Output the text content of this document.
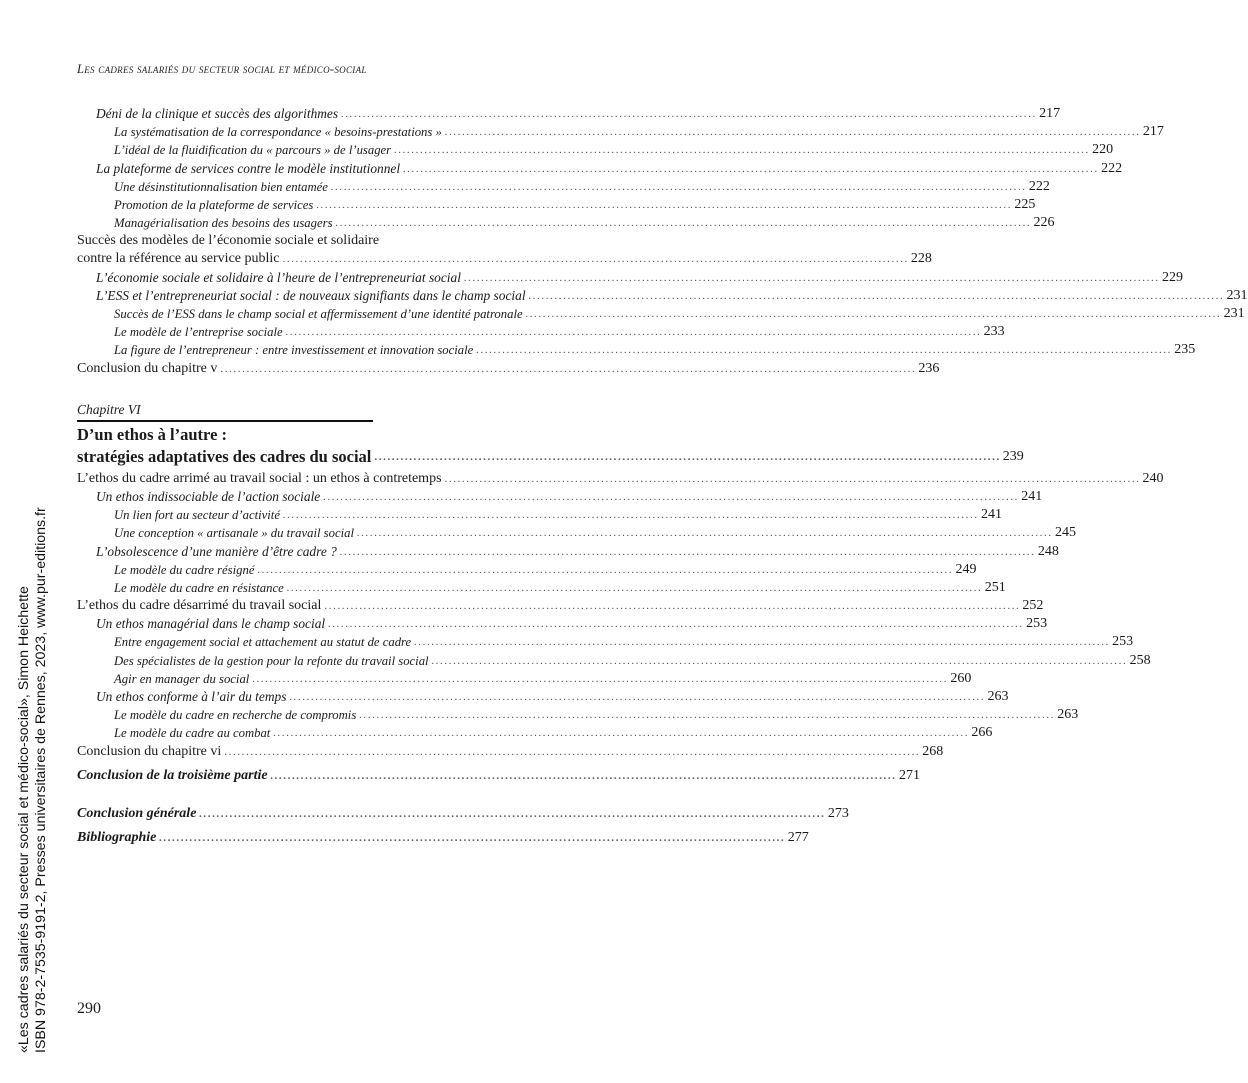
Les cadres salariés du secteur social et médico-social
Déni de la clinique et succès des algorithmes ................................................................................................................................................................ 217
La systématisation de la correspondance « besoins-prestations » ................................................................................................................................................................ 217
L’idéal de la fluidification du « parcours » de l’usager ................................................................................................................................................................ 220
La plateforme de services contre le modèle institutionnel ................................................................................................................................................................ 222
Une désinstitutionnalisation bien entamée ................................................................................................................................................................ 222
Promotion de la plateforme de services ................................................................................................................................................................ 225
Managérialisation des besoins des usagers ................................................................................................................................................................ 226
Succès des modèles de l’économie sociale et solidaire
contre la référence au service public ................................................................................................................................................ 228
L’économie sociale et solidaire à l’heure de l’entrepreneuriat social ................................................................................................................................................................ 229
L’ESS et l’entrepreneuriat social : de nouveaux signifiants dans le champ social ................................................................................................................................................................ 231
Succès de l’ESS dans le champ social et affermissement d’une identité patronale ................................................................................................................................................................ 231
Le modèle de l’entreprise sociale ................................................................................................................................................................ 233
La figure de l’entrepreneur : entre investissement et innovation sociale ................................................................................................................................................................ 235
Conclusion du chapitre v ................................................................................................................................................................ 236
Chapitre VI
D’un ethos à l’autre :
stratégies adaptatives des cadres du social ................................................................................................................................................ 239
L’ethos du cadre arrimé au travail social : un ethos à contretemps ................................................................................................................................................................ 240
Un ethos indissociable de l’action sociale ................................................................................................................................................................ 241
Un lien fort au secteur d’activité ................................................................................................................................................................ 241
Une conception « artisanale » du travail social ................................................................................................................................................................ 245
L’obsolescence d’une manière d’être cadre ? ................................................................................................................................................................ 248
Le modèle du cadre résigné ................................................................................................................................................................ 249
Le modèle du cadre en résistance ................................................................................................................................................................ 251
L’ethos du cadre désarrimé du travail social ................................................................................................................................................................ 252
Un ethos managérial dans le champ social ................................................................................................................................................................ 253
Entre engagement social et attachement au statut de cadre ................................................................................................................................................................ 253
Des spécialistes de la gestion pour la refonte du travail social ................................................................................................................................................................ 258
Agir en manager du social ................................................................................................................................................................ 260
Un ethos conforme à l’air du temps ................................................................................................................................................................ 263
Le modèle du cadre en recherche de compromis ................................................................................................................................................................ 263
Le modèle du cadre au combat ................................................................................................................................................................ 266
Conclusion du chapitre vi ................................................................................................................................................................ 268
Conclusion de la troisième partie ................................................................................................................................................ 271
Conclusion générale ................................................................................................................................................ 273
Bibliographie ................................................................................................................................................ 277
290
«Les cadres salariés du secteur social et médico-social», Simon Heichette ISBN 978-2-7535-9191-2, Presses universitaires de Rennes, 2023, www.pur-editions.fr
